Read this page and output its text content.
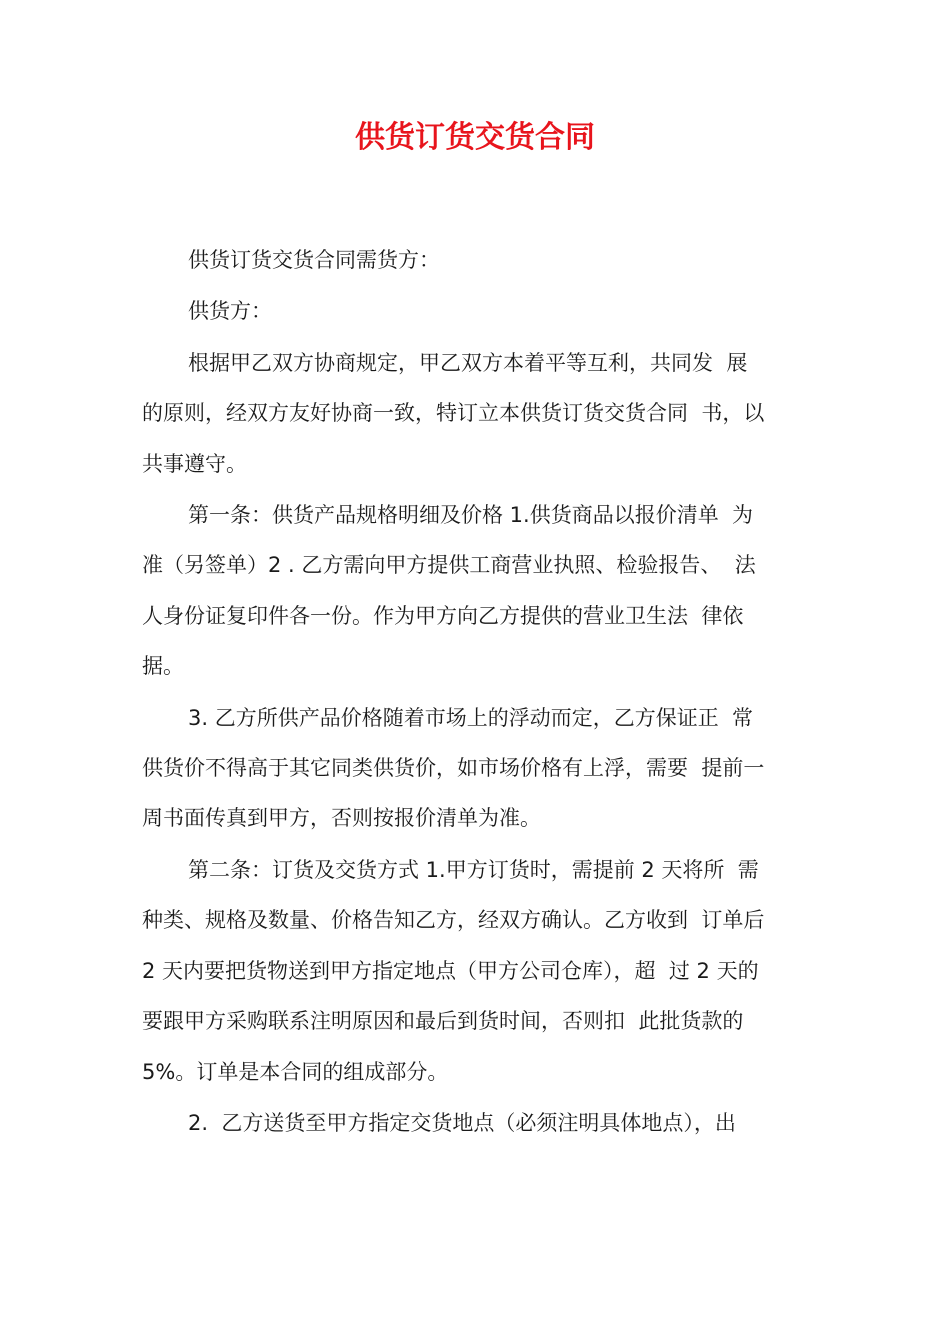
供货订货交货合同

供货订货交货合同需货方：

供货方：

根据甲乙双方协商规定，甲乙双方本着平等互利，共同发  展
的原则，经双方友好协商一致，特订立本供货订货交货合同  书，以
共事遵守。

第一条：供货产品规格明细及价格 1.供货商品以报价清单  为
准（另签单）2 . 乙方需向甲方提供工商营业执照、检验报告、  法
人身份证复印件各一份。作为甲方向乙方提供的营业卫生法  律依
据。

3. 乙方所供产品价格随着市场上的浮动而定，乙方保证正  常
供货价不得高于其它同类供货价，如市场价格有上浮，需要  提前一
周书面传真到甲方，否则按报价清单为准。

第二条：订货及交货方式 1.甲方订货时，需提前 2 天将所  需
种类、规格及数量、价格告知乙方，经双方确认。乙方收到  订单后
2 天内要把货物送到甲方指定地点（甲方公司仓库），超  过 2 天的
要跟甲方采购联系注明原因和最后到货时间，否则扣  此批货款的
5%。订单是本合同的组成部分。

2.  乙方送货至甲方指定交货地点（必须注明具体地点），出
